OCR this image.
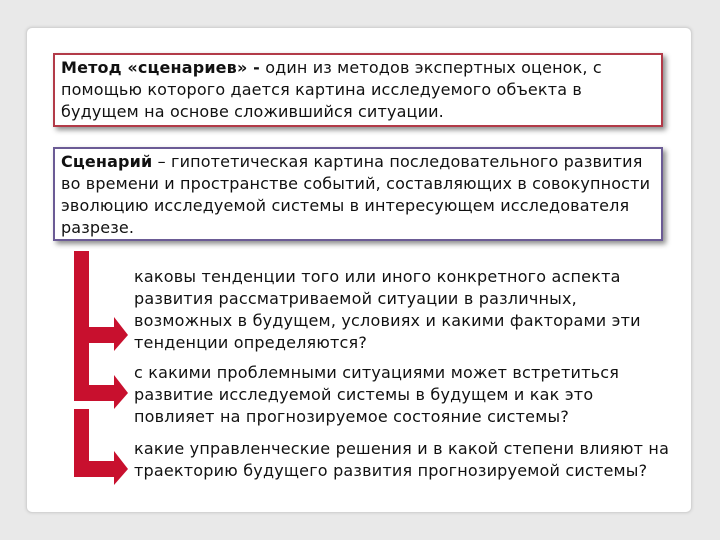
Метод «сценариев» - один из методов экспертных оценок, с помощью которого дается картина исследуемого объекта в будущем на основе сложившийся ситуации.
Сценарий – гипотетическая картина последовательного развития во времени и пространстве событий, составляющих в совокупности эволюцию исследуемой системы в интересующем исследователя разрезе.
каковы тенденции того или иного конкретного аспекта развития рассматриваемой ситуации в различных, возможных в будущем, условиях и какими факторами эти тенденции определяются?
с какими проблемными ситуациями может встретиться развитие исследуемой системы в будущем и как это повлияет на прогнозируемое состояние системы?
какие управленческие решения и в какой степени влияют на траекторию будущего развития прогнозируемой системы?
